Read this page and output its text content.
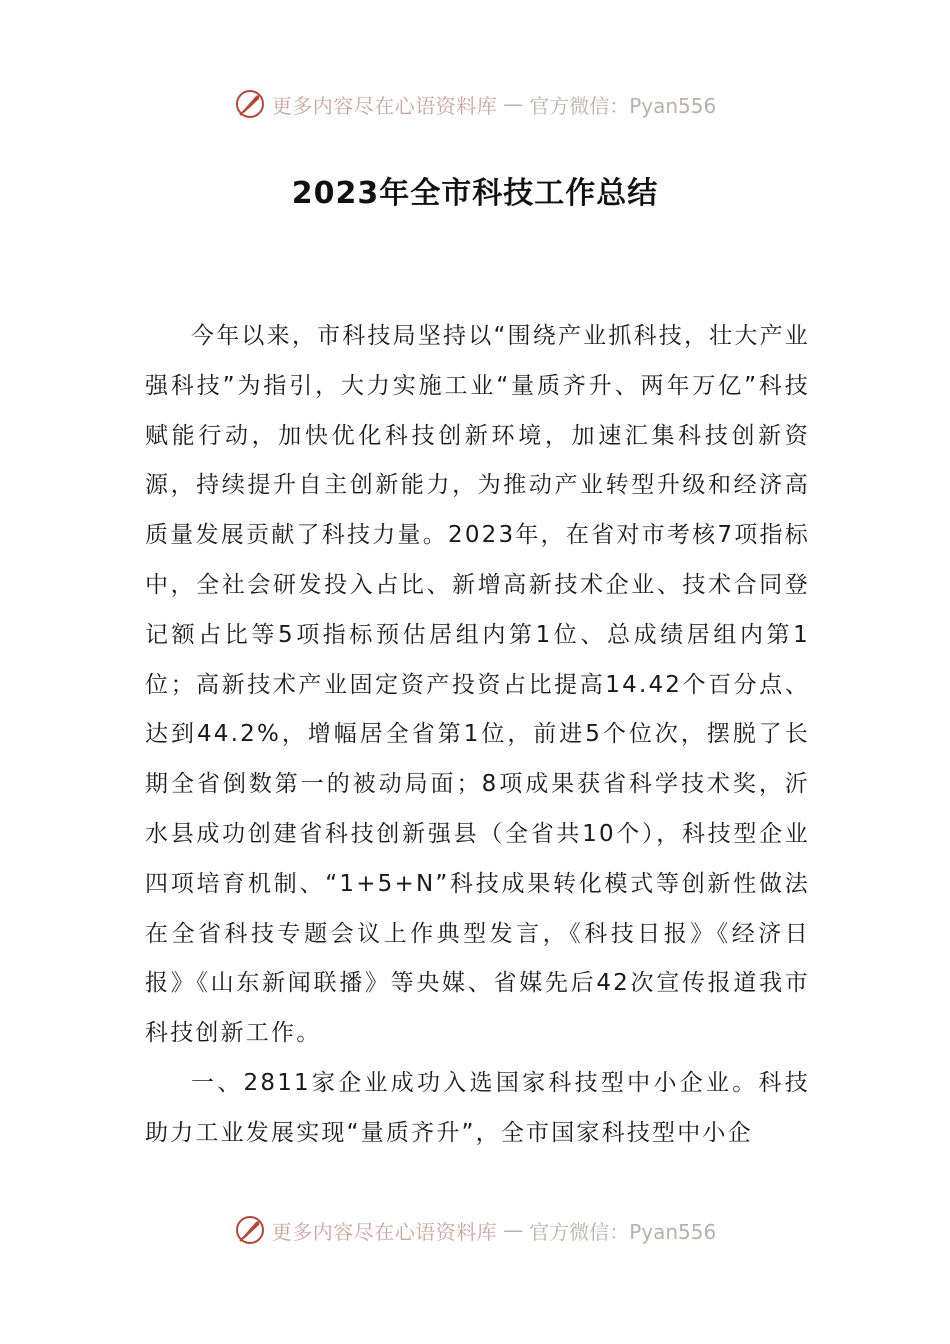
更多内容尽在心语资料库 — 官方微信：Pyan556
2023年全市科技工作总结

今年以来，市科技局坚持以“围绕产业抓科技，壮大产业强科技”为指引，大力实施工业“量质齐升、两年万亿”科技赋能行动，加快优化科技创新环境，加速汇集科技创新资源，持续提升自主创新能力，为推动产业转型升级和经济高质量发展贡献了科技力量。2023年，在省对市考核7项指标中，全社会研发投入占比、新增高新技术企业、技术合同登记额占比等5项指标预估居组内第1位、总成绩居组内第1位；高新技术产业固定资产投资占比提高14.42个百分点、达到44.2%，增幅居全省第1位，前进5个位次，摆脱了长期全省倒数第一的被动局面；8项成果获省科学技术奖，沂水县成功创建省科技创新强县（全省共10个），科技型企业四项培育机制、“1+5+N”科技成果转化模式等创新性做法在全省科技专题会议上作典型发言，《科技日报》《经济日报》《山东新闻联播》等央媒、省媒先后42次宣传报道我市科技创新工作。

一、2811家企业成功入选国家科技型中小企业。科技助力工业发展实现“量质齐升”，全市国家科技型中小企

更多内容尽在心语资料库 — 官方微信：Pyan556
